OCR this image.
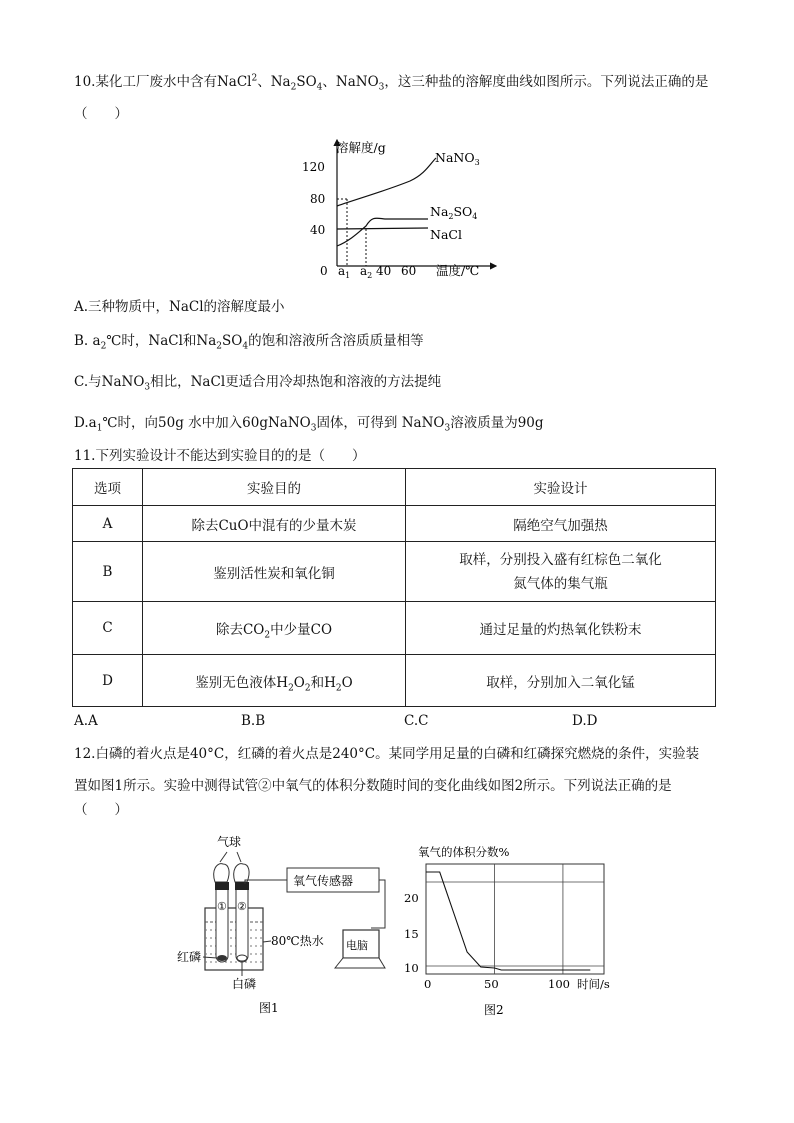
10.某化工厂废水中含有NaCl$^2$、$Na_2SO_4$、NaNO$_3$，这三种盐的溶解度曲线如图所示。下列说法正确的是
（　　）
溶解度/g
120
80
40
0 $a_1$ $a_2$ 40 60 温度/℃
NaNO$_3$
$Na_2SO_4$
NaCl
A.三种物质中，NaCl的溶解度最小
B. $a_2℃$时，NaCl和$Na_2SO_4$的饱和溶液所含溶质质量相等
C.与NaNO$_3$相比，NaCl更适合用冷却热饱和溶液的方法提纯
$D.a_1℃$时，向50g 水中加入60gNaNO$_3$固体，可得到 NaNO$_3$溶液质量为90g
11.下列实验设计不能达到实验目的的是（　　）
选项	实验目的	实验设计
A	除去CuO中混有的少量木炭	隔绝空气加强热
B	鉴别活性炭和氧化铜	取样，分别投入盛有红棕色二氧化
氮气体的集气瓶
C	除去$CO_2$中少量CO	通过足量的灼热氧化铁粉末
D	鉴别无色液体$H_2O_2$和$H_2O$	取样，分别加入二氧化锰
A.A	B.B	C.C	D.D
12.白磷的着火点是40°C，红磷的着火点是240°C。某同学用足量的白磷和红磷探究燃烧的条件，实验装
置如图1所示。实验中测得试管②中氧气的体积分数随时间的变化曲线如图2所示。下列说法正确的是
（　　）
气球
① ②
红磷
白磷
80℃热水
氧气传感器
电脑
图1
氧气的体积分数%
20
15
10
0	50	100 时间/s
图2
